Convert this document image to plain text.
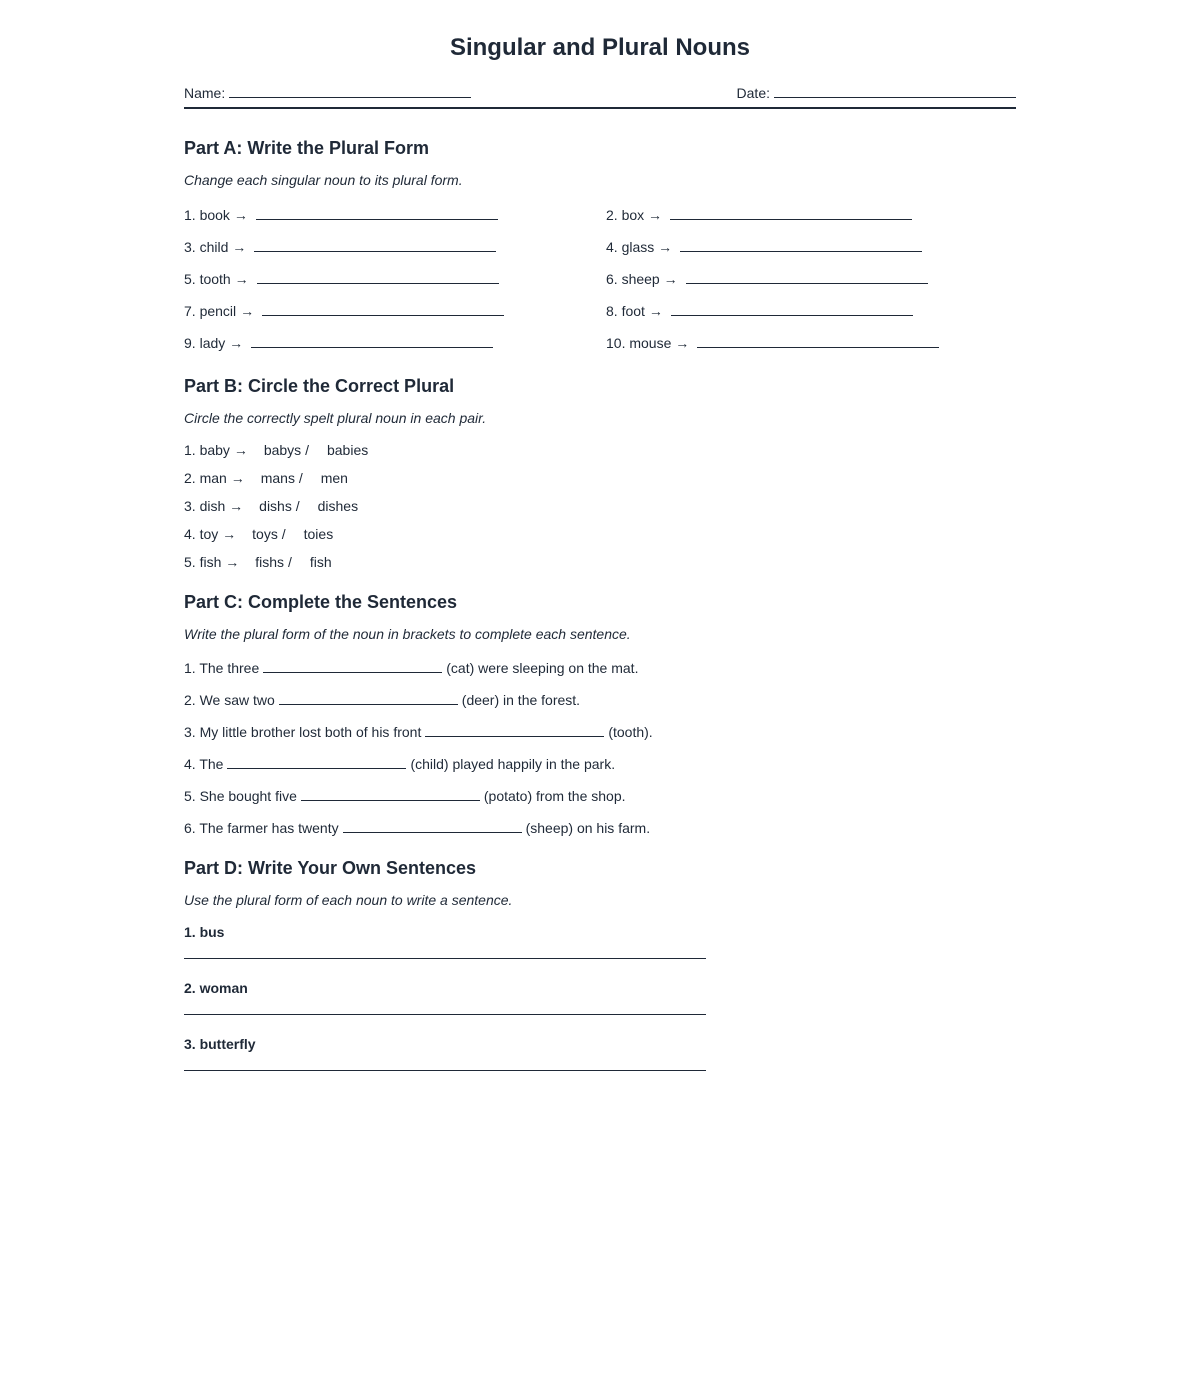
Singular and Plural Nouns
Name:	Date:
Part A: Write the Plural Form
Change each singular noun to its plural form.
1. book →	2. box →
3. child →	4. glass →
5. tooth →	6. sheep →
7. pencil →	8. foot →
9. lady →	10. mouse →
Part B: Circle the Correct Plural
Circle the correctly spelt plural noun in each pair.
1. baby → babys / babies
2. man → mans / men
3. dish → dishs / dishes
4. toy → toys / toies
5. fish → fishs / fish
Part C: Complete the Sentences
Write the plural form of the noun in brackets to complete each sentence.
1. The three	(cat) were sleeping on the mat.
2. We saw two	(deer) in the forest.
3. My little brother lost both of his front	(tooth).
4. The	(child) played happily in the park.
5. She bought five	(potato) from the shop.
6. The farmer has twenty	(sheep) on his farm.
Part D: Write Your Own Sentences
Use the plural form of each noun to write a sentence.
1. bus
2. woman
3. butterfly
